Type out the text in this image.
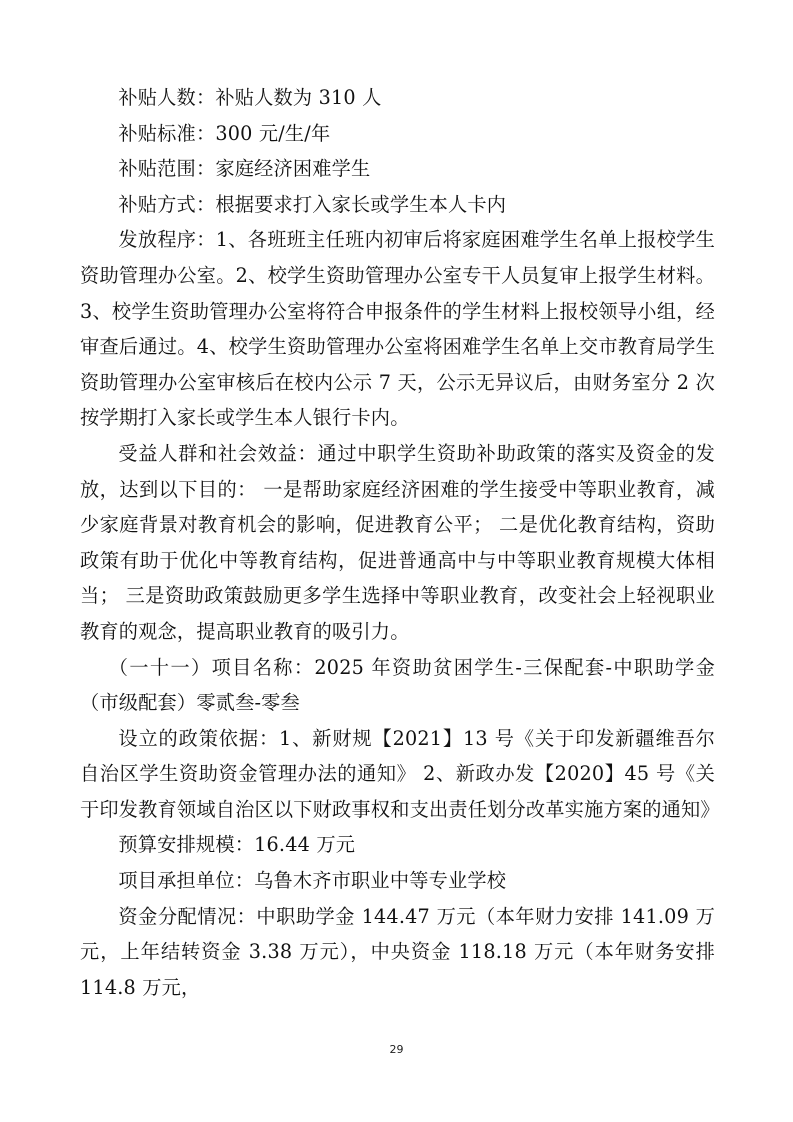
补贴人数：补贴人数为 310 人

补贴标准：300 元/生/年

补贴范围：家庭经济困难学生

补贴方式：根据要求打入家长或学生本人卡内

发放程序：1、各班班主任班内初审后将家庭困难学生名单上报校学生资助管理办公室。2、校学生资助管理办公室专干人员复审上报学生材料。3、校学生资助管理办公室将符合申报条件的学生材料上报校领导小组，经审查后通过。4、校学生资助管理办公室将困难学生名单上交市教育局学生资助管理办公室审核后在校内公示 7 天，公示无异议后，由财务室分 2 次按学期打入家长或学生本人银行卡内。

受益人群和社会效益：通过中职学生资助补助政策的落实及资金的发放，达到以下目的： 一是帮助家庭经济困难的学生接受中等职业教育，减少家庭背景对教育机会的影响，促进教育公平； 二是优化教育结构，资助政策有助于优化中等教育结构，促进普通高中与中等职业教育规模大体相当； 三是资助政策鼓励更多学生选择中等职业教育，改变社会上轻视职业教育的观念，提高职业教育的吸引力。

（一十一）项目名称：2025 年资助贫困学生-三保配套-中职助学金（市级配套）零贰叁-零叁

设立的政策依据：1、新财规【2021】13 号《关于印发新疆维吾尔自治区学生资助资金管理办法的通知》 2、新政办发【2020】45 号《关于印发教育领域自治区以下财政事权和支出责任划分改革实施方案的通知》

预算安排规模：16.44 万元

项目承担单位：乌鲁木齐市职业中等专业学校

资金分配情况：中职助学金 144.47 万元（本年财力安排 141.09 万元，上年结转资金 3.38 万元），中央资金 118.18 万元（本年财务安排 114.8 万元，

29
